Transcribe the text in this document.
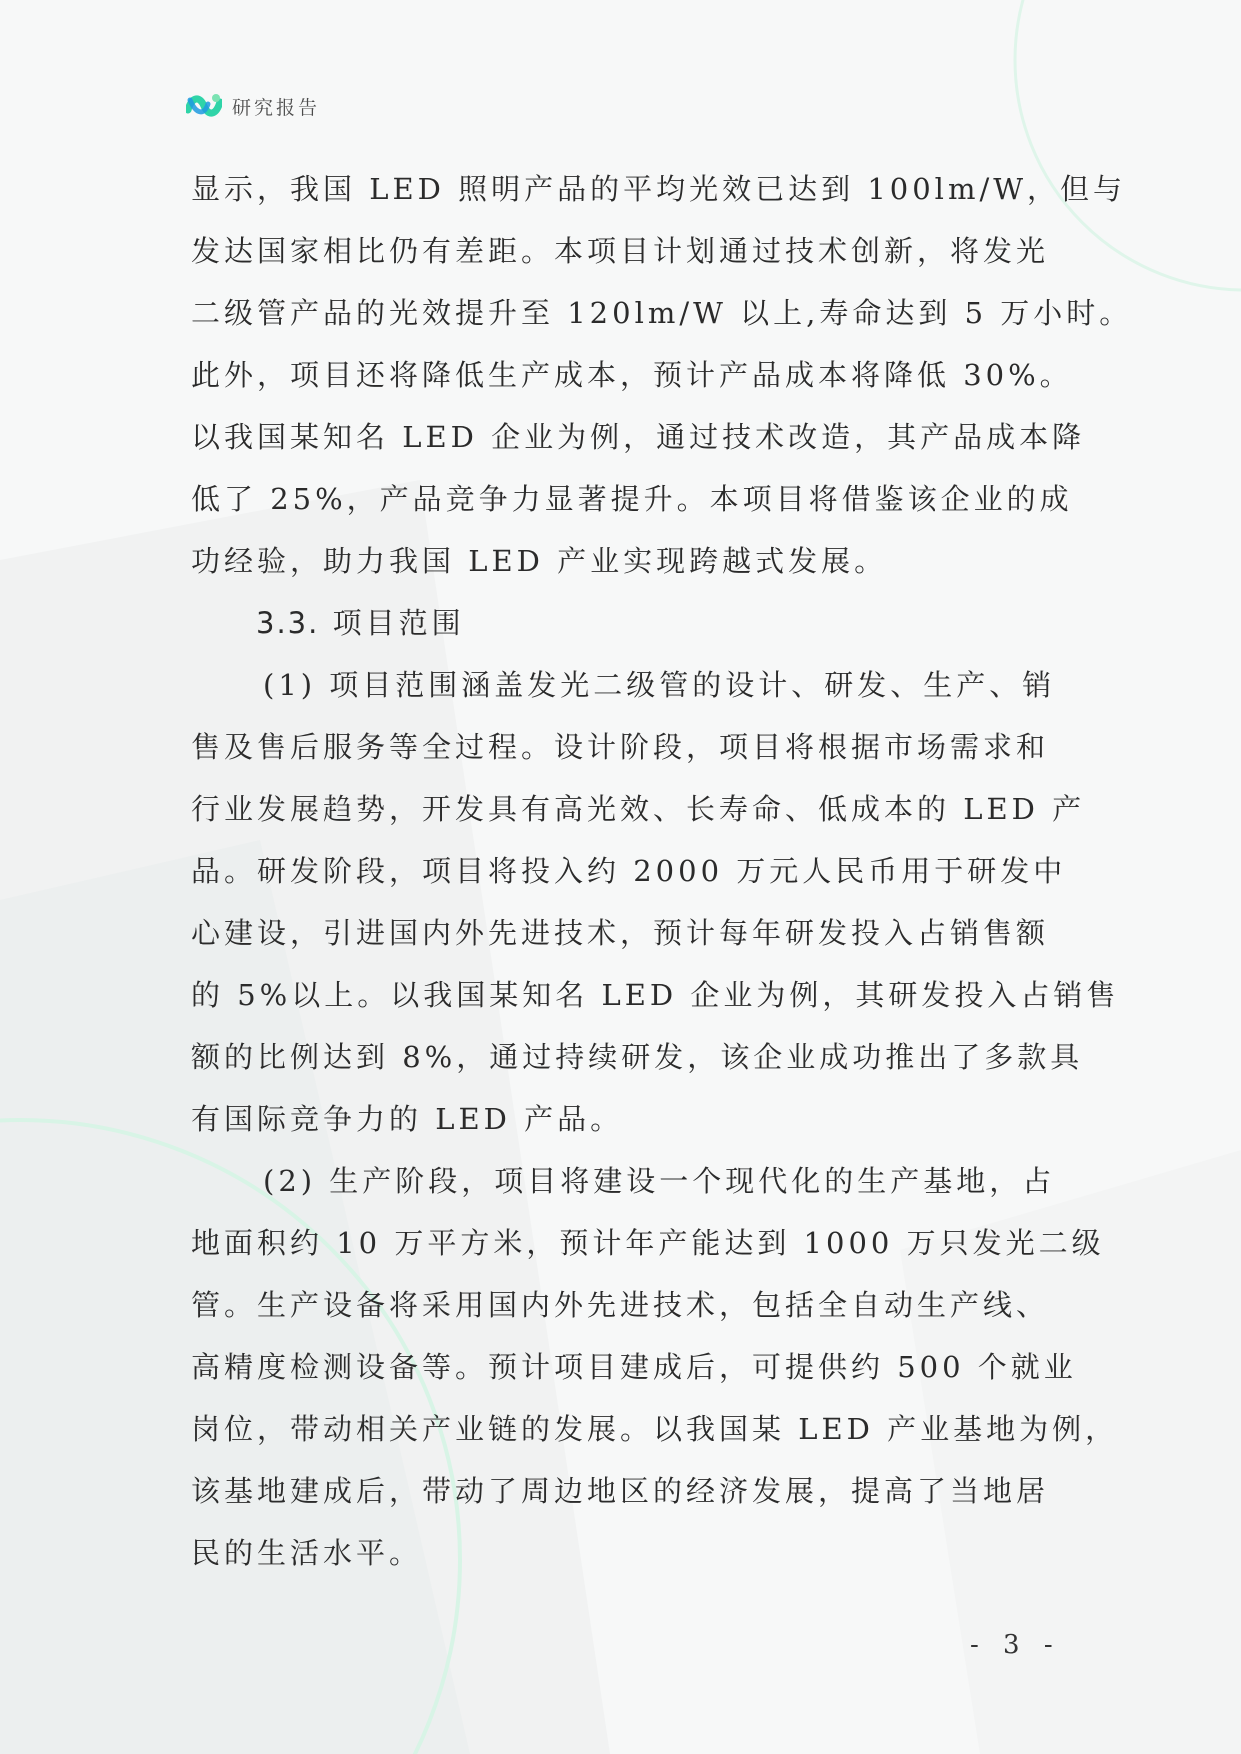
研究报告

显示，我国 LED 照明产品的平均光效已达到 100lm/W，但与

发达国家相比仍有差距。本项目计划通过技术创新，将发光

二级管产品的光效提升至 120lm/W 以上,寿命达到 5 万小时。

此外，项目还将降低生产成本，预计产品成本将降低 30%。

以我国某知名 LED 企业为例，通过技术改造，其产品成本降

低了 25%，产品竞争力显著提升。本项目将借鉴该企业的成

功经验，助力我国 LED 产业实现跨越式发展。

3.3. 项目范围

(1) 项目范围涵盖发光二级管的设计、研发、生产、销

售及售后服务等全过程。设计阶段，项目将根据市场需求和

行业发展趋势，开发具有高光效、长寿命、低成本的 LED 产

品。研发阶段，项目将投入约 2000 万元人民币用于研发中

心建设，引进国内外先进技术，预计每年研发投入占销售额

的 5%以上。以我国某知名 LED 企业为例，其研发投入占销售

额的比例达到 8%，通过持续研发，该企业成功推出了多款具

有国际竞争力的 LED 产品。

(2) 生产阶段，项目将建设一个现代化的生产基地，占

地面积约 10 万平方米，预计年产能达到 1000 万只发光二级

管。生产设备将采用国内外先进技术，包括全自动生产线、

高精度检测设备等。预计项目建成后，可提供约 500 个就业

岗位，带动相关产业链的发展。以我国某 LED 产业基地为例，

该基地建成后，带动了周边地区的经济发展，提高了当地居

民的生活水平。

- 3 -
